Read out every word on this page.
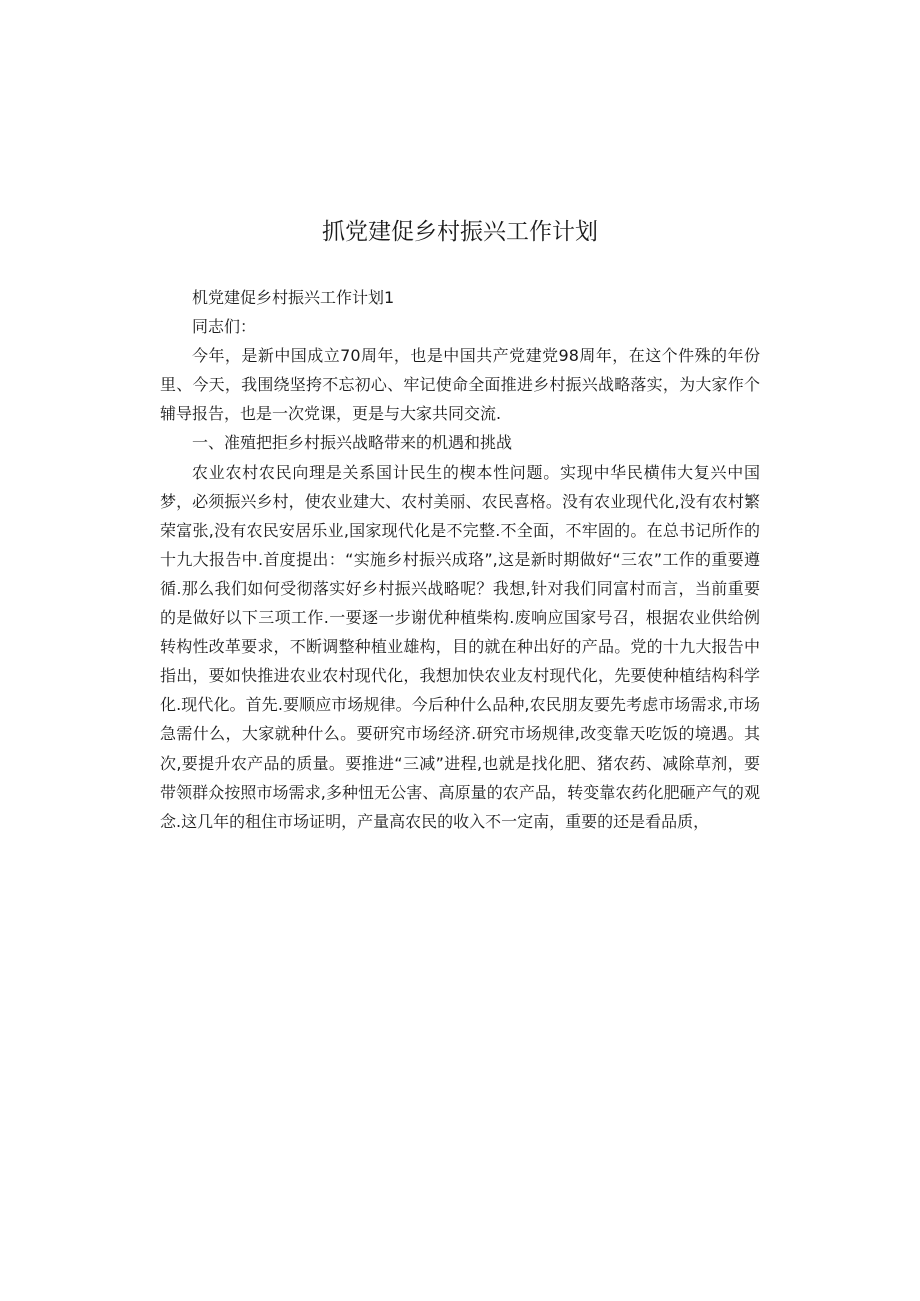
抓党建促乡村振兴工作计划

机党建促乡村振兴工作计划1

同志们：

今年，是新中国成立70周年，也是中国共产党建党98周年，在这个件殊的年份里、今天，我围绕坚挎不忘初心、牢记使命全面推进乡村振兴战略落实，为大家作个辅导报告，也是一次党课，更是与大家共同交流.

一、准殖把拒乡村振兴战略带来的机遇和挑战

农业农村农民向理是关系国计民生的楔本性问题。实现中华民横伟大复兴中国梦，必须振兴乡村，使农业建大、农村美丽、农民喜格。没有农业现代化,没有农村繁荣富张,没有农民安居乐业,国家现代化是不完整.不全面，不牢固的。在总书记所作的十九大报告中.首度提出：“实施乡村振兴成珞”,这是新时期做好“三农”工作的重要遵循.那么我们如何受彻落实好乡村振兴战略呢？我想,针对我们同富村而言，当前重要的是做好以下三项工作.一要逐一步谢优种植柴构.废响应国家号召，根据农业供给例转构性改革要求，不断调整种植业雄构，目的就在种出好的产品。党的十九大报告中指出，要如快推进农业农村现代化，我想加快农业友村现代化，先要使种植结构科学化.现代化。首先.要顺应市场规律。今后种什么品种,农民朋友要先考虑市场需求,市场急需什么，大家就种什么。要研究市场经济.研究市场规律,改变靠天吃饭的境遇。其次,要提升农产品的质量。要推进“三减”进程,也就是找化肥、猪农药、减除草剂，要带领群众按照市场需求,多种忸无公害、高原量的农产品，转变靠农药化肥砸产气的观念.这几年的租住市场证明，产量高农民的收入不一定南，重要的还是看品质，
